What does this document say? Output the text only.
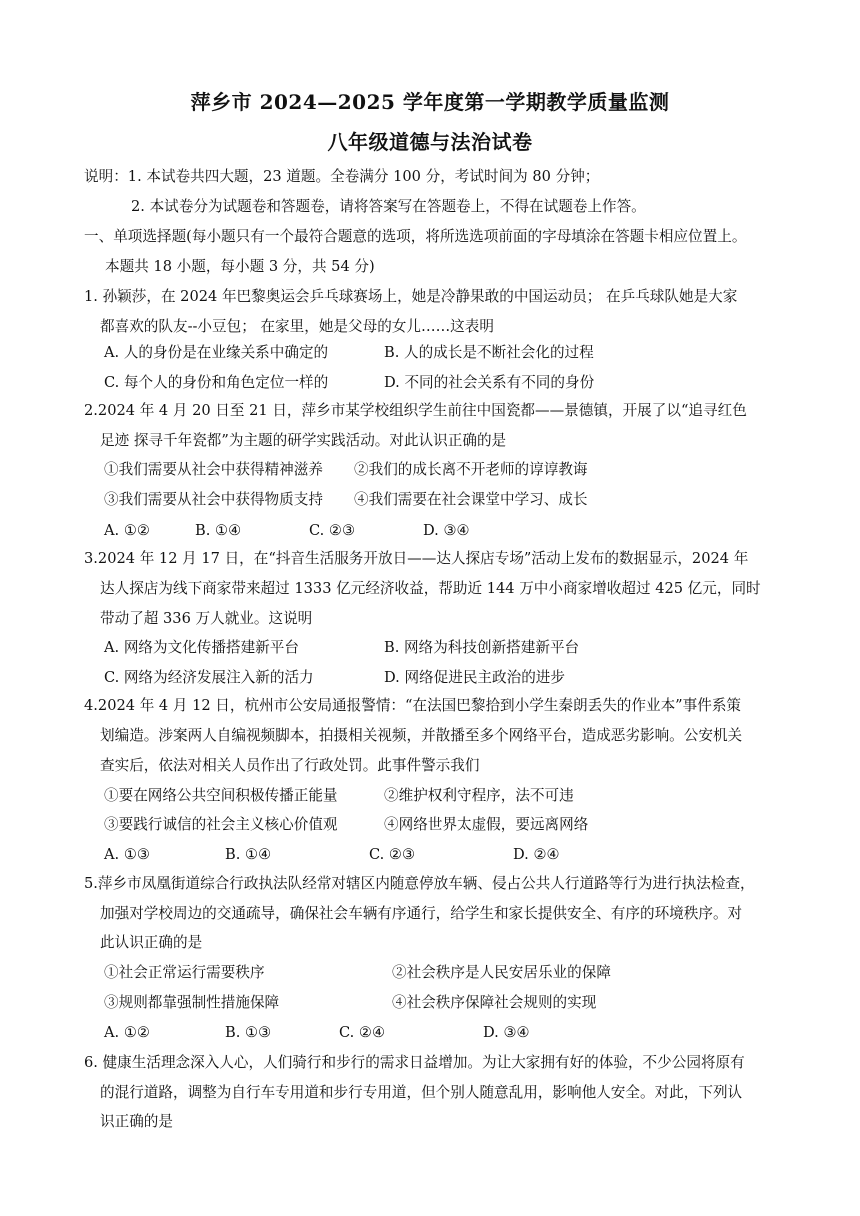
萍乡市 2024—2025 学年度第一学期教学质量监测
八年级道德与法治试卷
说明：1. 本试卷共四大题，23 道题。全卷满分 100 分，考试时间为 80 分钟；
2. 本试卷分为试题卷和答题卷，请将答案写在答题卷上，不得在试题卷上作答。
一、单项选择题(每小题只有一个最符合题意的选项，将所选选项前面的字母填涂在答题卡相应位置上。
本题共 18 小题，每小题 3 分，共 54 分)
1. 孙颖莎，在 2024 年巴黎奥运会乒乓球赛场上，她是冷静果敢的中国运动员； 在乒乓球队她是大家
都喜欢的队友--小豆包； 在家里，她是父母的女儿……这表明
A. 人的身份是在业缘关系中确定的	B. 人的成长是不断社会化的过程
C. 每个人的身份和角色定位一样的	D. 不同的社会关系有不同的身份
2.2024 年 4 月 20 日至 21 日，萍乡市某学校组织学生前往中国瓷都——景德镇，开展了以“追寻红色
足迹 探寻千年瓷都”为主题的研学实践活动。对此认识正确的是
①我们需要从社会中获得精神滋养 ②我们的成长离不开老师的谆谆教诲
③我们需要从社会中获得物质支持 ④我们需要在社会课堂中学习、成长
A. ①②	B. ①④	C. ②③	D. ③④
3.2024 年 12 月 17 日，在“抖音生活服务开放日——达人探店专场”活动上发布的数据显示，2024 年
达人探店为线下商家带来超过 1333 亿元经济收益，帮助近 144 万中小商家增收超过 425 亿元，同时
带动了超 336 万人就业。这说明
A. 网络为文化传播搭建新平台	B. 网络为科技创新搭建新平台
C. 网络为经济发展注入新的活力	D. 网络促进民主政治的进步
4.2024 年 4 月 12 日，杭州市公安局通报警情：“在法国巴黎拾到小学生秦朗丢失的作业本”事件系策
划编造。涉案两人自编视频脚本，拍摄相关视频，并散播至多个网络平台，造成恶劣影响。公安机关
查实后，依法对相关人员作出了行政处罚。此事件警示我们
①要在网络公共空间积极传播正能量	②维护权利守程序，法不可违
③要践行诚信的社会主义核心价值观	④网络世界太虚假，要远离网络
A. ①③	B. ①④	C. ②③	D. ②④
5.萍乡市凤凰街道综合行政执法队经常对辖区内随意停放车辆、侵占公共人行道路等行为进行执法检查，
加强对学校周边的交通疏导，确保社会车辆有序通行，给学生和家长提供安全、有序的环境秩序。对
此认识正确的是
①社会正常运行需要秩序	②社会秩序是人民安居乐业的保障
③规则都靠强制性措施保障	④社会秩序保障社会规则的实现
A. ①②	B. ①③	C. ②④	D. ③④
6. 健康生活理念深入人心，人们骑行和步行的需求日益增加。为让大家拥有好的体验，不少公园将原有
的混行道路，调整为自行车专用道和步行专用道，但个别人随意乱用，影响他人安全。对此，下列认
识正确的是
